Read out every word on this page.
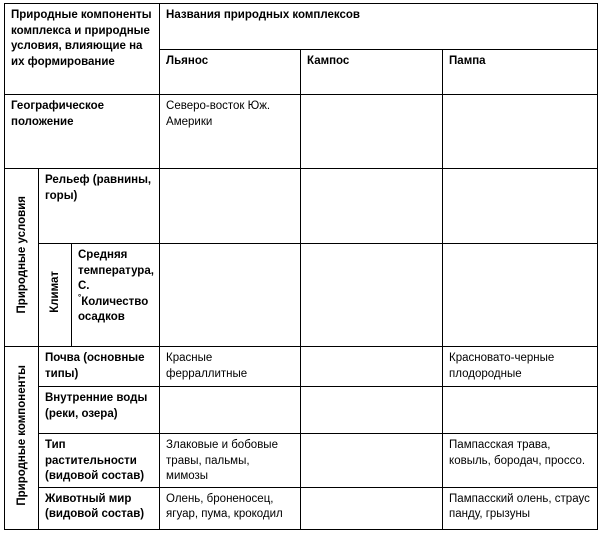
Природные компоненты комплекса и природные условия, влияющие на их формирование			Названия природных комплексов		

			Льянос	Кампос	Пампа

Географическое положение			Северо-восток Юж. Америки		

Природные условия	Рельеф (равнины, горы)				

	Климат	Средняя температура, С.°Количество осадков			

Природные компоненты	Почва (основные типы)		Красные ферраллитные		Красновато-черные плодородные

	Внутренние воды (реки, озера)				

	Тип растительности (видовой состав)		Злаковые и бобовые травы, пальмы, мимозы		Пампасская трава, ковыль, бородач, проссо.

	Животный мир (видовой состав)		Олень, броненосец, ягуар, пума, крокодил		Пампасский олень, страус панду, грызуны
